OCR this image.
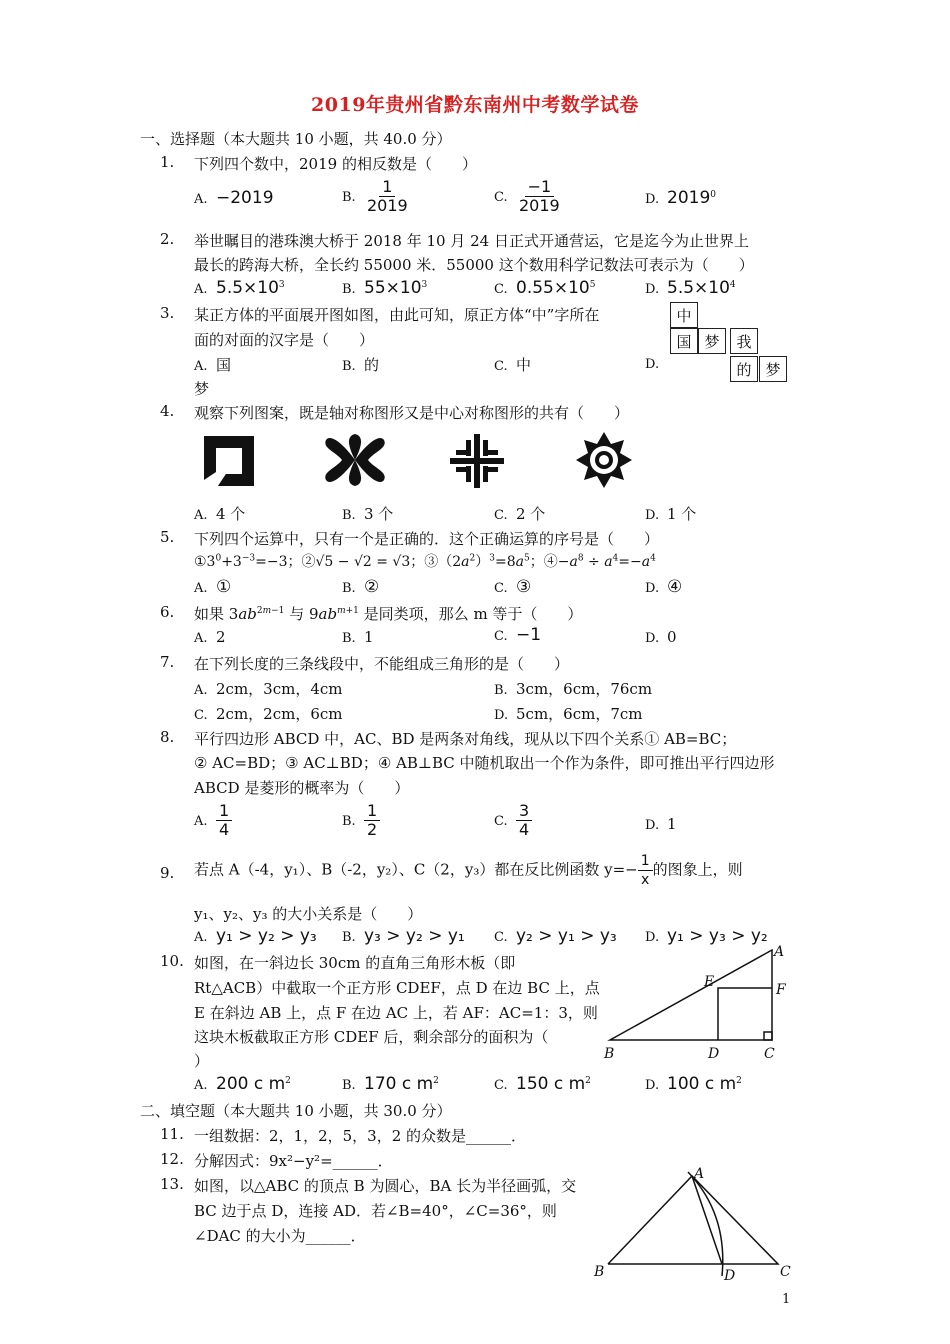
2019年贵州省黔东南州中考数学试卷
一、选择题（本大题共 10 小题，共 40.0 分）
1. 下列四个数中，2019 的相反数是（　　）
A. −2019	B. $\frac{1}{2019}$	C. $\frac{-1}{2019}$	D. 2019$^0$
2. 举世瞩目的港珠澳大桥于 2018 年 10 月 24 日正式开通营运，它是迄今为止世界上
最长的跨海大桥，全长约 55000 米．55000 这个数用科学记数法可表示为（　　）
A. $5.5\times 10^3$	B. $55\times 10^3$	C. $0.55\times 10^5$	D. $5.5\times 10^4$
3. 某正方体的平面展开图如图，由此可知，原正方体“中”字所在
面的对面的汉字是（　　）
A. 国	B. 的	C. 中	D.
梦
中
国 梦	我
的 梦
4. 观察下列图案，既是轴对称图形又是中心对称图形的共有（　　）
A. 4 个	B. 3 个	C. 2 个	D. 1 个
5. 下列四个运算中，只有一个是正确的．这个正确运算的序号是（　　）
$①3^0+3^{-3}=-3$；②√5 − √2 = √3；$③(2a^2)^3=8a^5$；$④-a^8 \div a^4=-a^4$
A. ①	B. ②	C. ③	D. ④
6. 如果 $3ab^{2m-1}$ 与 $9ab^{m+1}$ 是同类项，那么 m 等于（　　）
A. 2	B. 1	C. −1	D. 0
7. 在下列长度的三条线段中，不能组成三角形的是（　　）
A. 2cm，3cm，4cm	B. 3cm，6cm，76cm
C. 2cm，2cm，6cm	D. 5cm，6cm，7cm
8. 平行四边形 ABCD 中，AC、BD 是两条对角线，现从以下四个关系① AB=BC；
② AC=BD；③ AC⊥BD；④ AB⊥BC 中随机取出一个作为条件，即可推出平行四边形
ABCD 是菱形的概率为（　　）
A. $\frac{1}{4}$	B. $\frac{1}{2}$	C. $\frac{3}{4}$	D. 1
9. 若点 A（-4，y₁）、B（-2，y₂）、C（2，y₃）都在反比例函数 $y=- \frac{1}{x}$ 的图象上，则
y₁、y₂、y₃ 的大小关系是（　　）
A. y₁ > y₂ > y₃ B. y₃ > y₂ > y₁ C. y₂ > y₁ > y₃ D. y₁ > y₃ > y₂
10. 如图，在一斜边长 30cm 的直角三角形木板（即
Rt△ACB）中截取一个正方形 CDEF，点 D 在边 BC 上，点
E 在斜边 AB 上，点 F 在边 AC 上，若 AF：AC=1：3，则
这块木板截取正方形 CDEF 后，剩余部分的面积为（
）
A. 200 c $m^2$	B. 170 c $m^2$	C. 150 c $m^2$	D. 100 c $m^2$
A
B	C
D
E	F
二、填空题（本大题共 10 小题，共 30.0 分）
11. 一组数据：2，1，2，5，3，2 的众数是______．
12. 分解因式：9x²−y²=______．
13. 如图，以△ABC 的顶点 B 为圆心，BA 长为半径画弧，交
BC 边于点 D，连接 AD．若∠B=40°，∠C=36°，则
∠DAC 的大小为______．
A
B	C
D
1
